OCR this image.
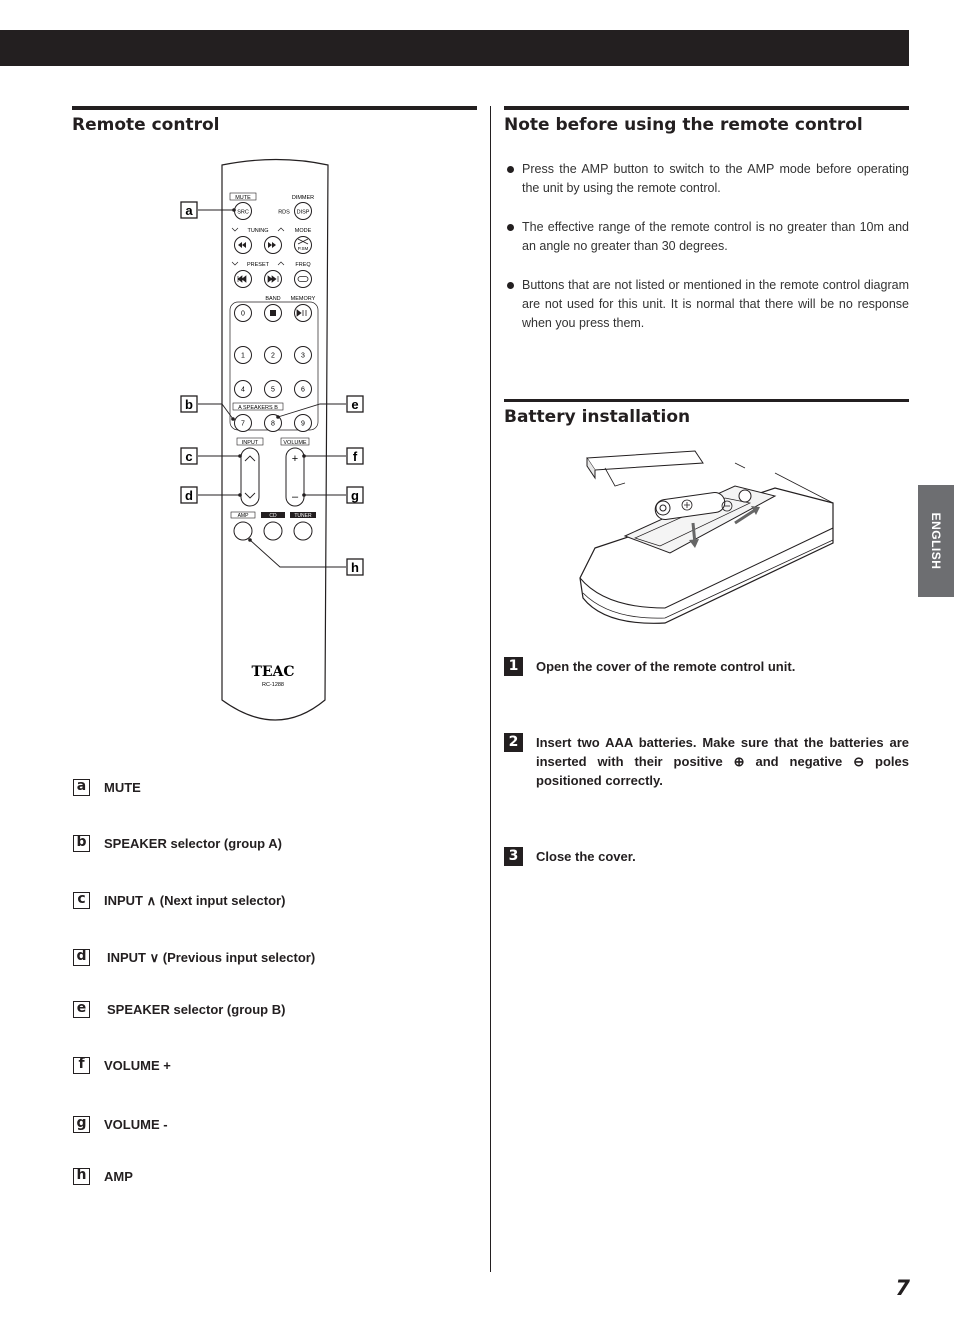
Remote control
MUTE	DIMMER
SRC	RDS DISP
TUNING	MODE
P.SM
PRESET	FREQ
BAND MEMORY
0
1	2	3
4	5	6
A SPEAKERS B
7	8	9
INPUT	VOLUME
+
–
AMP	CD	TUNER
TEAC
RC-1288
a
b
c
d
e
f
g
h
a MUTE
b SPEAKER selector (group A)
c	INPUT ∧ (Next input selector)
d INPUT ∨ (Previous input selector)
e SPEAKER selector (group B)
f	VOLUME +
g VOLUME -
h AMP
Note before using the remote control
Press the AMP button to switch to the AMP mode before operating the unit by using the remote control.
The effective range of the remote control is no greater than 10m and an angle no greater than 30 degrees.
Buttons that are not listed or mentioned in the remote control diagram are not used for this unit. It is normal that there will be no response when you press them.
Battery installation
1	Open the cover of the remote control unit.
2	Insert two AAA batteries. Make sure that the batteries are inserted with their positive ⊕ and negative ⊖ poles positioned correctly.
3	Close the cover.
ENGLISH
7
